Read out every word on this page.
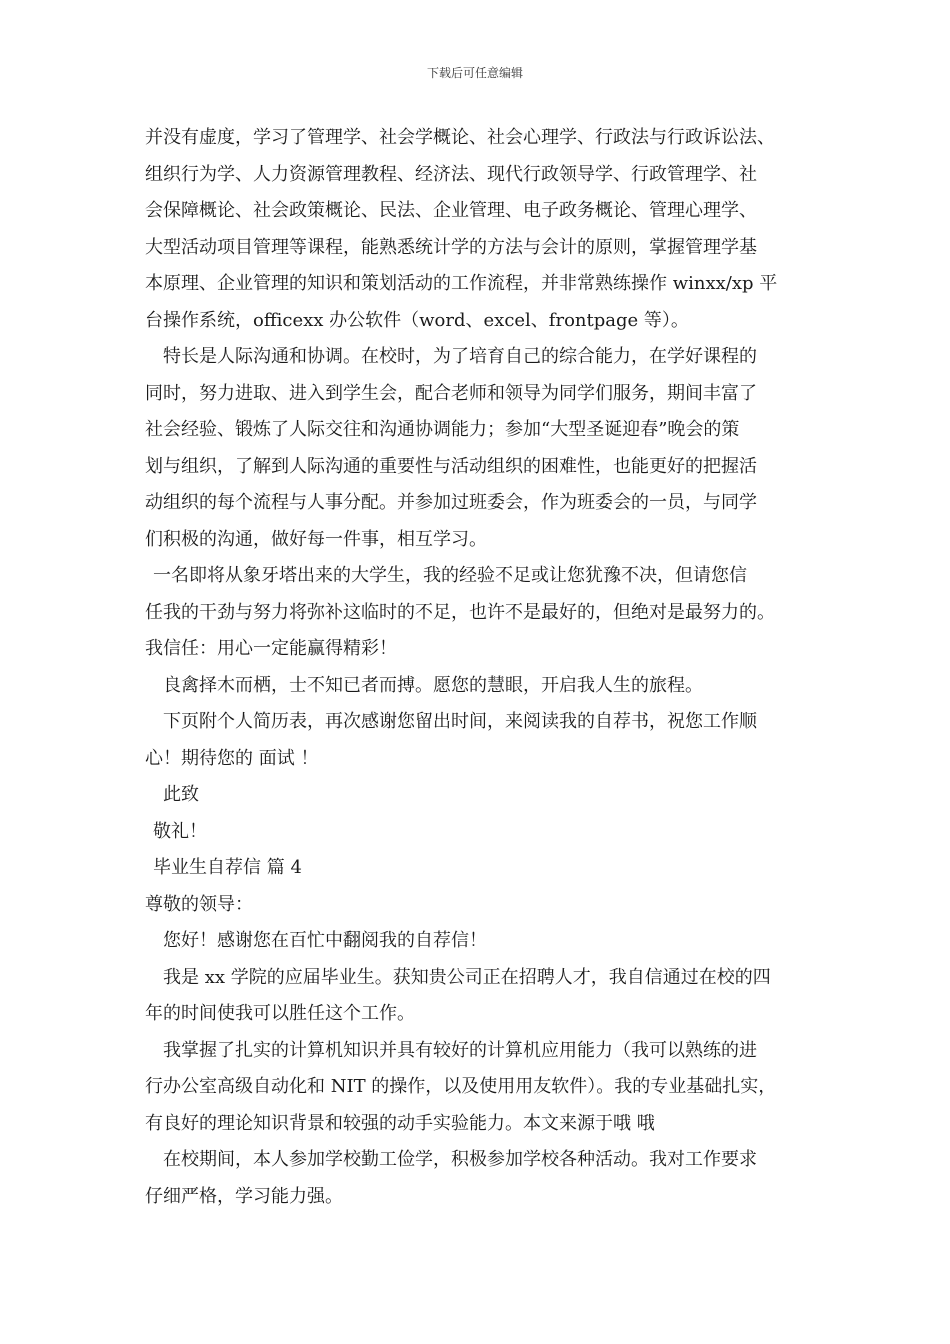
下载后可任意编辑

并没有虚度，学习了管理学、社会学概论、社会心理学、行政法与行政诉讼法、

组织行为学、人力资源管理教程、经济法、现代行政领导学、行政管理学、社

会保障概论、社会政策概论、民法、企业管理、电子政务概论、管理心理学、

大型活动项目管理等课程，能熟悉统计学的方法与会计的原则，掌握管理学基

本原理、企业管理的知识和策划活动的工作流程，并非常熟练操作 winxx/xp 平

台操作系统，officexx 办公软件（word、excel、frontpage 等）。

特长是人际沟通和协调。在校时，为了培育自己的综合能力，在学好课程的

同时，努力进取、进入到学生会，配合老师和领导为同学们服务，期间丰富了

社会经验、锻炼了人际交往和沟通协调能力；参加“大型圣诞迎春”晚会的策

划与组织，了解到人际沟通的重要性与活动组织的困难性，也能更好的把握活

动组织的每个流程与人事分配。并参加过班委会，作为班委会的一员，与同学

们积极的沟通，做好每一件事，相互学习。

一名即将从象牙塔出来的大学生，我的经验不足或让您犹豫不决，但请您信

任我的干劲与努力将弥补这临时的不足，也许不是最好的，但绝对是最努力的。

我信任：用心一定能赢得精彩！

良禽择木而栖，士不知已者而搏。愿您的慧眼，开启我人生的旅程。

下页附个人简历表，再次感谢您留出时间，来阅读我的自荐书，祝您工作顺

心！期待您的 面试 ！

此致

敬礼！

毕业生自荐信 篇 4

尊敬的领导：

您好！感谢您在百忙中翻阅我的自荐信！

我是 xx 学院的应届毕业生。获知贵公司正在招聘人才，我自信通过在校的四

年的时间使我可以胜任这个工作。

我掌握了扎实的计算机知识并具有较好的计算机应用能力（我可以熟练的进

行办公室高级自动化和 NIT 的操作，以及使用用友软件）。我的专业基础扎实，

有良好的理论知识背景和较强的动手实验能力。本文来源于哦 哦

在校期间，本人参加学校勤工俭学，积极参加学校各种活动。我对工作要求

仔细严格，学习能力强。
